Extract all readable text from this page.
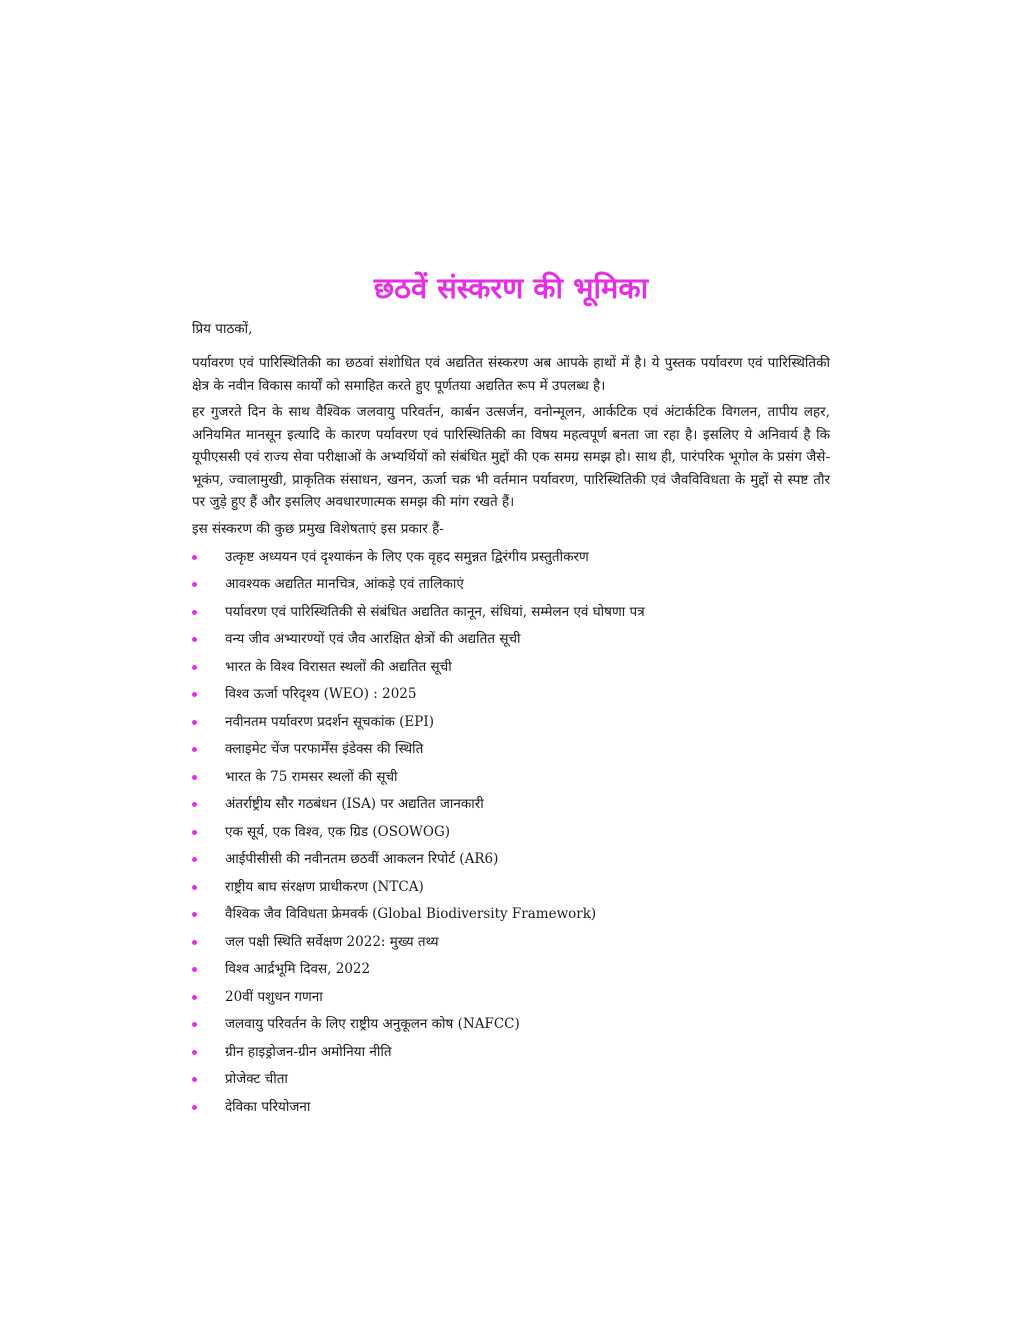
छठवें संस्करण की भूमिका

प्रिय पाठकों,

पर्यावरण एवं पारिस्थितिकी का छठवां संशोधित एवं अद्यतित संस्करण अब आपके हाथों में है। ये पुस्तक पर्यावरण एवं पारिस्थितिकी क्षेत्र के नवीन विकास कार्यों को समाहित करते हुए पूर्णतया अद्यतित रूप में उपलब्ध है।

हर गुजरते दिन के साथ वैश्विक जलवायु परिवर्तन, कार्बन उत्सर्जन, वनोन्मूलन, आर्कटिक एवं अंटार्कटिक विगलन, तापीय लहर, अनियमित मानसून इत्यादि के कारण पर्यावरण एवं पारिस्थितिकी का विषय महत्वपूर्ण बनता जा रहा है। इसलिए ये अनिवार्य है कि यूपीएससी एवं राज्य सेवा परीक्षाओं के अभ्यर्थियों को संबंधित मुद्दों की एक समग्र समझ हो। साथ ही, पारंपरिक भूगोल के प्रसंग जैसे- भूकंप, ज्वालामुखी, प्राकृतिक संसाधन, खनन, ऊर्जा चक्र भी वर्तमान पर्यावरण, पारिस्थितिकी एवं जैवविविधता के मुद्दों से स्पष्ट तौर पर जुड़े हुए हैं और इसलिए अवधारणात्मक समझ की मांग रखते हैं।

इस संस्करण की कुछ प्रमुख विशेषताएं इस प्रकार हैं-

उत्कृष्ट अध्ययन एवं दृश्याकंन के लिए एक वृहद समुन्नत द्विरंगीय प्रस्तुतीकरण
आवश्यक अद्यतित मानचित्र, आंकड़े एवं तालिकाएं
पर्यावरण एवं पारिस्थितिकी से संबंधित अद्यतित कानून, संधियां, सम्मेलन एवं घोषणा पत्र
वन्य जीव अभ्यारण्यों एवं जैव आरक्षित क्षेत्रों की अद्यतित सूची
भारत के विश्व विरासत स्थलों की अद्यतित सूची
विश्व ऊर्जा परिदृश्य (WEO) : 2025
नवीनतम पर्यावरण प्रदर्शन सूचकांक (EPI)
क्लाइमेट चेंज परफार्मेंस इंडेक्स की स्थिति
भारत के 75 रामसर स्थलों की सूची
अंतर्राष्ट्रीय सौर गठबंधन (ISA) पर अद्यतित जानकारी
एक सूर्य, एक विश्व, एक ग्रिड (OSOWOG)
आईपीसीसी की नवीनतम छठवीं आकलन रिपोर्ट (AR6)
राष्ट्रीय बाघ संरक्षण प्राधीकरण (NTCA)
वैश्विक जैव विविधता फ्रेमवर्क (Global Biodiversity Framework)
जल पक्षी स्थिति सर्वेक्षण 2022: मुख्य तथ्य
विश्व आर्द्रभूमि दिवस, 2022
20वीं पशुधन गणना
जलवायु परिवर्तन के लिए राष्ट्रीय अनुकूलन कोष (NAFCC)
ग्रीन हाइड्रोजन-ग्रीन अमोनिया नीति
प्रोजेक्ट चीता
देविका परियोजना
